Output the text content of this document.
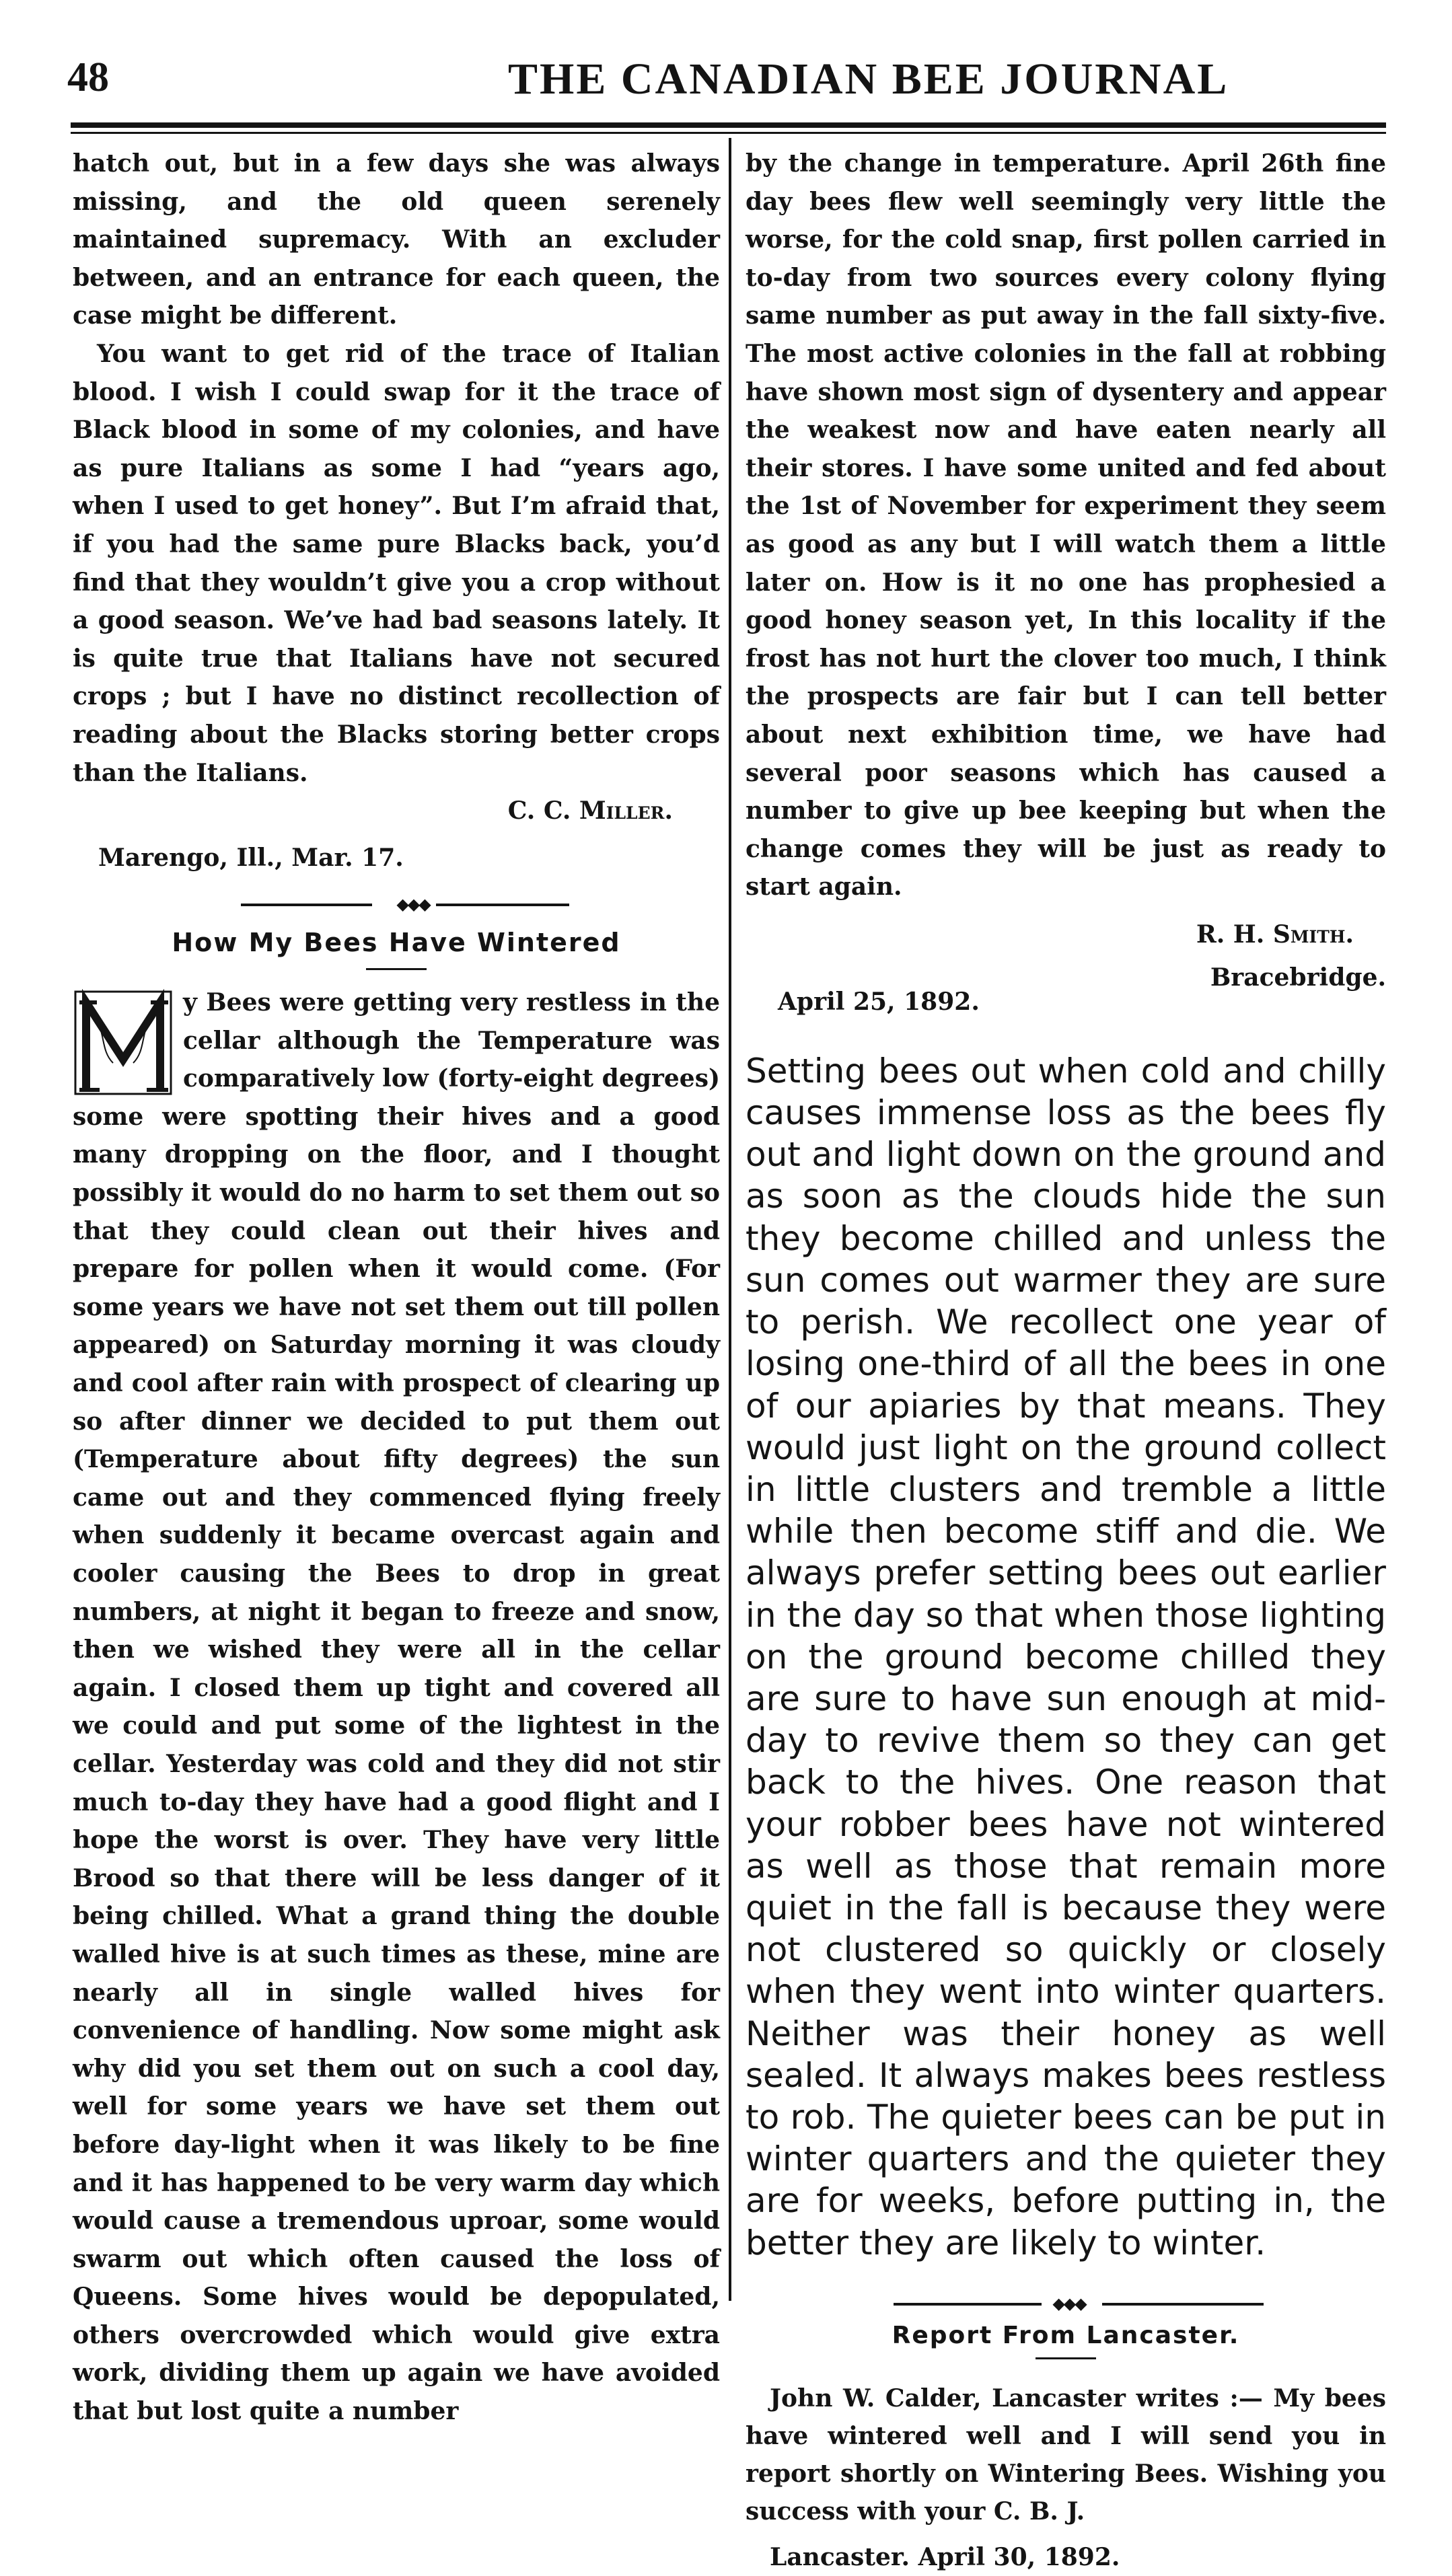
48	THE CANADIAN BEE JOURNAL

hatch out, but in a few days she was always missing, and the old queen serenely maintained supremacy. With an excluder between, and an entrance for each queen, the case might be different.

You want to get rid of the trace of Italian blood. I wish I could swap for it the trace of Black blood in some of my colonies, and have as pure Italians as some I had “years ago, when I used to get honey”. But I’m afraid that, if you had the same pure Blacks back, you’d find that they wouldn’t give you a crop without a good season. We’ve had bad seasons lately. It is quite true that Italians have not secured crops ; but I have no distinct recollection of reading about the Blacks storing better crops than the Italians.

C. C. Miller.

Marengo, Ill., Mar. 17.

◆◆◆

How My Bees Have Wintered

y Bees were getting very restless in the cellar although the Temperature was comparatively low (forty-eight degrees) some were spotting their hives and a good many dropping on the floor, and I thought possibly it would do no harm to set them out so that they could clean out their hives and prepare for pollen when it would come. (For some years we have not set them out till pollen appeared) on Saturday morning it was cloudy and cool after rain with prospect of clearing up so after dinner we decided to put them out (Temperature about fifty degrees) the sun came out and they commenced flying freely when suddenly it became overcast again and cooler causing the Bees to drop in great numbers, at night it began to freeze and snow, then we wished they were all in the cellar again. I closed them up tight and covered all we could and put some of the lightest in the cellar. Yesterday was cold and they did not stir much to-day they have had a good flight and I hope the worst is over. They have very little Brood so that there will be less danger of it being chilled. What a grand thing the double walled hive is at such times as these, mine are nearly all in single walled hives for convenience of handling. Now some might ask why did you set them out on such a cool day, well for some years we have set them out before day-light when it was likely to be fine and it has happened to be very warm day which would cause a tremendous uproar, some would swarm out which often caused the loss of Queens. Some hives would be depopulated, others overcrowded which would give extra work, dividing them up again we have avoided that but lost quite a number

by the change in temperature. April 26th fine day bees flew well seemingly very little the worse, for the cold snap, first pollen carried in to-day from two sources every colony flying same number as put away in the fall sixty-five. The most active colonies in the fall at robbing have shown most sign of dysentery and appear the weakest now and have eaten nearly all their stores. I have some united and fed about the 1st of November for experiment they seem as good as any but I will watch them a little later on. How is it no one has prophesied a good honey season yet, In this locality if the frost has not hurt the clover too much, I think the prospects are fair but I can tell better about next exhibition time, we have had several poor seasons which has caused a number to give up bee keeping but when the change comes they will be just as ready to start again.

R. H. Smith.

Bracebridge.

April 25, 1892.

Setting bees out when cold and chilly causes immense loss as the bees fly out and light down on the ground and as soon as the clouds hide the sun they become chilled and unless the sun comes out warmer they are sure to perish. We recollect one year of losing one-third of all the bees in one of our apiaries by that means. They would just light on the ground collect in little clusters and tremble a little while then become stiff and die. We always prefer setting bees out earlier in the day so that when those lighting on the ground become chilled they are sure to have sun enough at mid-day to revive them so they can get back to the hives. One reason that your robber bees have not wintered as well as those that remain more quiet in the fall is because they were not clustered so quickly or closely when they went into winter quarters. Neither was their honey as well sealed. It always makes bees restless to rob. The quieter bees can be put in winter quarters and the quieter they are for weeks, before putting in, the better they are likely to winter.

◆◆◆

Report From Lancaster.

John W. Calder, Lancaster writes :— My bees have wintered well and I will send you in report shortly on Wintering Bees. Wishing you success with your C. B. J.

Lancaster. April 30, 1892.
